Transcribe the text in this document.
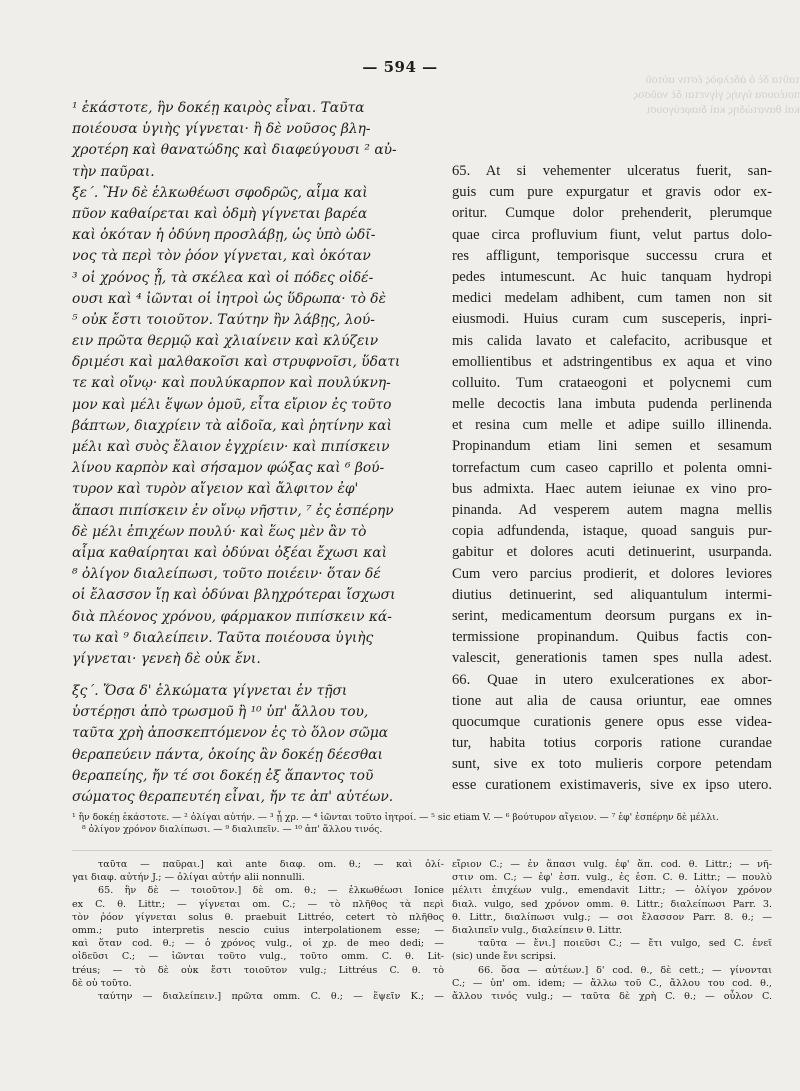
— 594 —
ταῦτα δὲ ὁ ἀδελφὸς ἐστιν αὐτοῦ
ποιέουσα ὑγιὴς γίγνεται δὲ νοῦσος
καὶ θανατώδης καὶ διαφεύγουσι
¹ ἑκάστοτε, ἣν δοκέῃ καιρὸς εἶναι. Ταῦτα
ποιέουσα ὑγιὴς γίγνεται· ἢ δὲ νοῦσος βλη-
χροτέρη καὶ θανατώδης καὶ διαφεύγουσι ² αὐ-
τὴν παῦραι.
ξε΄. Ἢν δὲ ἑλκωθέωσι σφοδρῶς, αἷμα καὶ
πῦον καθαίρεται καὶ ὀδμὴ γίγνεται βαρέα
καὶ ὁκόταν ἡ ὀδύνη προσλάβῃ, ὡς ὑπὸ ὠδῖ-
νος τὰ περὶ τὸν ῥόον γίγνεται, καὶ ὁκόταν
³ οἱ χρόνος ᾖ, τὰ σκέλεα καὶ οἱ πόδες οἰδέ-
ουσι καὶ ⁴ ἰῶνται οἱ ἰητροὶ ὡς ὕδρωπα· τὸ δὲ
⁵ οὐκ ἔστι τοιοῦτον. Ταύτην ἢν λάβῃς, λού-
ειν πρῶτα θερμῷ καὶ χλιαίνειν καὶ κλύζειν
δριμέσι καὶ μαλθακοῖσι καὶ στρυφνοῖσι, ὕδατι
τε καὶ οἴνῳ· καὶ πουλύκαρπον καὶ πουλύκνη-
μον καὶ μέλι ἕψων ὁμοῦ, εἶτα εἴριον ἐς τοῦτο
βάπτων, διαχρίειν τὰ αἰδοῖα, καὶ ῥητίνην καὶ
μέλι καὶ συὸς ἔλαιον ἐγχρίειν· καὶ πιπίσκειν
λίνου καρπὸν καὶ σήσαμον φώξας καὶ ⁶ βού-
τυρον καὶ τυρὸν αἴγειον καὶ ἄλφιτον ἐφ'
ἅπασι πιπίσκειν ἐν οἴνῳ νῆστιν, ⁷ ἐς ἑσπέρην
δὲ μέλι ἐπιχέων πουλύ· καὶ ἕως μὲν ἂν τὸ
αἷμα καθαίρηται καὶ ὀδύναι ὀξέαι ἔχωσι καὶ
⁸ ὀλίγον διαλείπωσι, τοῦτο ποιέειν· ὅταν δέ
οἱ ἔλασσον ἴῃ καὶ ὀδύναι βληχρότεραι ἴσχωσι
διὰ πλέονος χρόνου, φάρμακον πιπίσκειν κά-
τω καὶ ⁹ διαλείπειν. Ταῦτα ποιέουσα ὑγιὴς
γίγνεται· γενεὴ δὲ οὐκ ἔνι.
ξς΄. Ὅσα δ' ἑλκώματα γίγνεται ἐν τῇσι
ὑστέρῃσι ἀπὸ τρωσμοῦ ἢ ¹⁰ ὑπ' ἄλλου του,
ταῦτα χρὴ ἀποσκεπτόμενον ἐς τὸ ὅλον σῶμα
θεραπεύειν πάντα, ὁκοίης ἂν δοκέῃ δέεσθαι
θεραπείης, ἤν τέ σοι δοκέῃ ἐξ ἅπαντος τοῦ
σώματος θεραπευτέη εἶναι, ἤν τε ἀπ' αὐτέων.
65. At si vehementer ulceratus fuerit, san-
guis cum pure expurgatur et gravis odor ex-
oritur. Cumque dolor prehenderit, plerumque
quae circa profluvium fiunt, velut partus dolo-
res affligunt, temporisque successu crura et
pedes intumescunt. Ac huic tanquam hydropi
medici medelam adhibent, cum tamen non sit
eiusmodi. Huius curam cum susceperis, inpri-
mis calida lavato et calefacito, acribusque et
emollientibus et adstringentibus ex aqua et vino
colluito. Tum crataeogoni et polycnemi cum
melle decoctis lana imbuta pudenda perlinenda
et resina cum melle et adipe suillo illinenda.
Propinandum etiam lini semen et sesamum
torrefactum cum caseo caprillo et polenta omni-
bus admixta. Haec autem ieiunae ex vino pro-
pinanda. Ad vesperem autem magna mellis
copia adfundenda, istaque, quoad sanguis pur-
gabitur et dolores acuti detinuerint, usurpanda.
Cum vero parcius prodierit, et dolores leviores
diutius detinuerint, sed aliquantulum intermi-
serint, medicamentum deorsum purgans ex in-
termissione propinandum. Quibus factis con-
valescit, generationis tamen spes nulla adest.
66. Quae in utero exulcerationes ex abor-
tione aut alia de causa oriuntur, eae omnes
quocumque curationis genere opus esse videa-
tur, habita totius corporis ratione curandae
sunt, sive ex toto mulieris corpore petendam
esse curationem existimaveris, sive ex ipso utero.
¹ ἢν δοκέῃ ἑκάστοτε. — ² ὀλίγαι αὐτήν. — ³ ᾖ χρ. — ⁴ ἰῶνται τοῦτο ἰητροί. — ⁵ sic etiam V. — ⁶ βούτυρον αἴγειον. — ⁷ ἐφ' ἑσπέρην δὲ μέλλι.
⁸ ὀλίγον χρόνον διαλίπωσι. — ⁹ διαλιπεῖν. — ¹⁰ ἀπ' ἄλλου τινός.
ταῦτα — παῦραι.] καὶ ante διαφ. om. θ.; — καὶ ὀλί-
γαι διαφ. αὐτήν J.; — ὀλίγαι αὐτήν alii nonnulli.
65. ἢν δὲ — τοιοῦτον.] δὲ om. θ.; — ἑλκωθέωσι Ionice
ex C. θ. Littr.; — γίγνεται om. C.; — τὸ πλῆθος τὰ περὶ
τὸν ῥόον γίγνεται solus θ. praebuit Littréo, cetert τὸ πλῆθος
omm.; puto interpretis nescio cuius interpolationem esse; —
καὶ ὅταν cod. θ.; — ὁ χρόνος vulg., οἱ χρ. de meo dedi; —
οἰδεῦσι C.; — ἰῶνται τοῦτο vulg., τοῦτο omm. C. θ. Lit-
tréus; — τὸ δὲ οὐκ ἔστι τοιοῦτον vulg.; Littréus C. θ. τὸ
δὲ οὐ τοῦτο.
ταύτην — διαλείπειν.] πρῶτα omm. C. θ.; — ἕψεῖν K.; —
εἴριον C.; — ἐν ἅπασι vulg. ἐφ' ἅπ. cod. θ. Littr.; — νῆ-
στιν om. C.; — ἐφ' ἑσπ. vulg., ἐς ἑσπ. C. θ. Littr.; — πουλὺ
μέλιτι ἐπιχέων vulg., emendavit Littr.; — ὀλίγον χρόνον
διαλ. vulgo, sed χρόνον omm. θ. Littr.; διαλείπωσι Parr. 3.
θ. Littr., διαλίπωσι vulg.; — σοι ἔλασσον Parr. 8. θ.; —
διαλιπεῖν vulg., διαλείπειν θ. Littr.
ταῦτα — ἔνι.] ποιεῦσι C.; — ἔτι vulgo, sed C. ἐνεῖ
(sic) unde ἔνι scripsi.
66. ὅσα — αὐτέων.] δ' cod. θ., δὲ cett.; — γίνονται
C.; — ὑπ' om. idem; — ἄλλω τοῦ C., ἄλλου του cod. θ.,
ἄλλου τινός vulg.; — ταῦτα δὲ χρὴ C. θ.; — οὖλον C.
